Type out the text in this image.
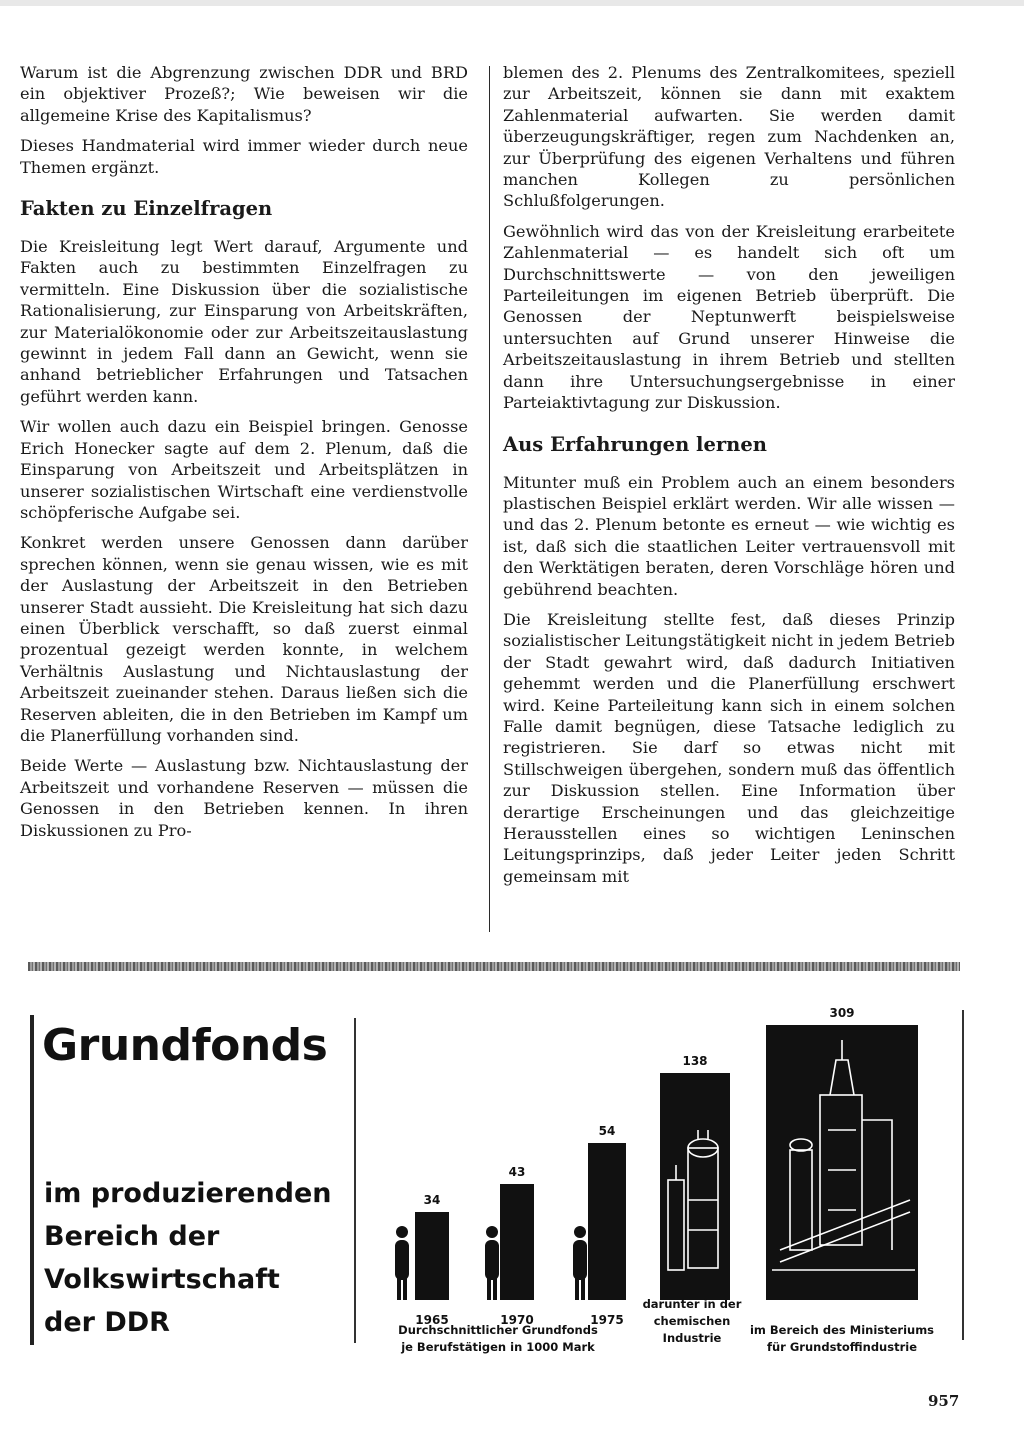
Warum ist die Abgrenzung zwischen DDR und BRD ein objektiver Prozeß?; Wie beweisen wir die allgemeine Krise des Kapitalismus?

Dieses Handmaterial wird immer wieder durch neue Themen ergänzt.

Fakten zu Einzelfragen

Die Kreisleitung legt Wert darauf, Argumente und Fakten auch zu bestimmten Einzelfragen zu vermitteln. Eine Diskussion über die sozialistische Rationalisierung, zur Einsparung von Arbeitskräften, zur Materialökonomie oder zur Arbeitszeitauslastung gewinnt in jedem Fall dann an Gewicht, wenn sie anhand betrieblicher Erfahrungen und Tatsachen geführt werden kann.

Wir wollen auch dazu ein Beispiel bringen. Genosse Erich Honecker sagte auf dem 2. Plenum, daß die Einsparung von Arbeitszeit und Arbeitsplätzen in unserer sozialistischen Wirtschaft eine verdienstvolle schöpferische Aufgabe sei.

Konkret werden unsere Genossen dann darüber sprechen können, wenn sie genau wissen, wie es mit der Auslastung der Arbeitszeit in den Betrieben unserer Stadt aussieht. Die Kreisleitung hat sich dazu einen Überblick verschafft, so daß zuerst einmal prozentual gezeigt werden konnte, in welchem Verhältnis Auslastung und Nichtauslastung der Arbeitszeit zueinander stehen. Daraus ließen sich die Reserven ableiten, die in den Betrieben im Kampf um die Planerfüllung vorhanden sind.

Beide Werte — Auslastung bzw. Nichtauslastung der Arbeitszeit und vorhandene Reserven — müssen die Genossen in den Betrieben kennen. In ihren Diskussionen zu Pro-

blemen des 2. Plenums des Zentralkomitees, speziell zur Arbeitszeit, können sie dann mit exaktem Zahlenmaterial aufwarten. Sie werden damit überzeugungskräftiger, regen zum Nachdenken an, zur Überprüfung des eigenen Verhaltens und führen manchen Kollegen zu persönlichen Schlußfolgerungen.

Gewöhnlich wird das von der Kreisleitung erarbeitete Zahlenmaterial — es handelt sich oft um Durchschnittswerte — von den jeweiligen Parteileitungen im eigenen Betrieb überprüft. Die Genossen der Neptunwerft beispielsweise untersuchten auf Grund unserer Hinweise die Arbeitszeitauslastung in ihrem Betrieb und stellten dann ihre Untersuchungsergebnisse in einer Parteiaktivtagung zur Diskussion.

Aus Erfahrungen lernen

Mitunter muß ein Problem auch an einem besonders plastischen Beispiel erklärt werden. Wir alle wissen — und das 2. Plenum betonte es erneut — wie wichtig es ist, daß sich die staatlichen Leiter vertrauensvoll mit den Werktätigen beraten, deren Vorschläge hören und gebührend beachten.

Die Kreisleitung stellte fest, daß dieses Prinzip sozialistischer Leitungstätigkeit nicht in jedem Betrieb der Stadt gewahrt wird, daß dadurch Initiativen gehemmt werden und die Planerfüllung erschwert wird. Keine Parteileitung kann sich in einem solchen Falle damit begnügen, diese Tatsache lediglich zu registrieren. Sie darf so etwas nicht mit Stillschweigen übergehen, sondern muß das öffentlich zur Diskussion stellen. Eine Information über derartige Erscheinungen und das gleichzeitige Herausstellen eines so wichtigen Leninschen Leitungsprinzips, daß jeder Leiter jeden Schritt gemeinsam mit

Grundfonds
im produzierenden
Bereich der
Volkswirtschaft
der DDR
34
1965
43
1970
54
1975
138
309
Durchschnittlicher Grundfonds
je Berufstätigen in 1000 Mark
darunter in der
chemischen
Industrie
im Bereich des Ministeriums
für Grundstoffindustrie
957
